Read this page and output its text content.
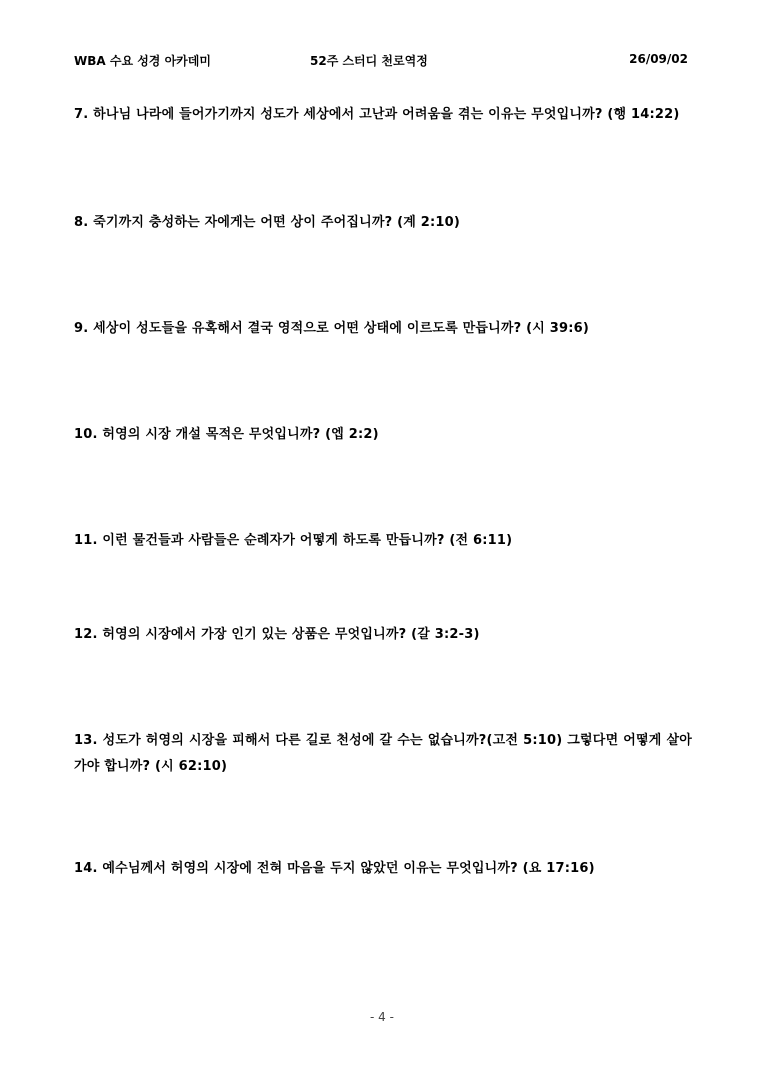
WBA 수요 성경 아카데미	52주 스터디 천로역정	26/09/02
7. 하나님 나라에 들어가기까지 성도가 세상에서 고난과 어려움을 겪는 이유는 무엇입니까? (행 14:22)
8. 죽기까지 충성하는 자에게는 어떤 상이 주어집니까? (계 2:10)
9. 세상이 성도들을 유혹해서 결국 영적으로 어떤 상태에 이르도록 만듭니까? (시 39:6)
10. 허영의 시장 개설 목적은 무엇입니까? (엡 2:2)
11. 이런 물건들과 사람들은 순례자가 어떻게 하도록 만듭니까? (전 6:11)
12. 허영의 시장에서 가장 인기 있는 상품은 무엇입니까? (갈 3:2-3)
13. 성도가 허영의 시장을 피해서 다른 길로 천성에 갈 수는 없습니까?(고전 5:10) 그렇다면 어떻게 살아가야 합니까? (시 62:10)
14. 예수님께서 허영의 시장에 전혀 마음을 두지 않았던 이유는 무엇입니까? (요 17:16)
- 4 -
